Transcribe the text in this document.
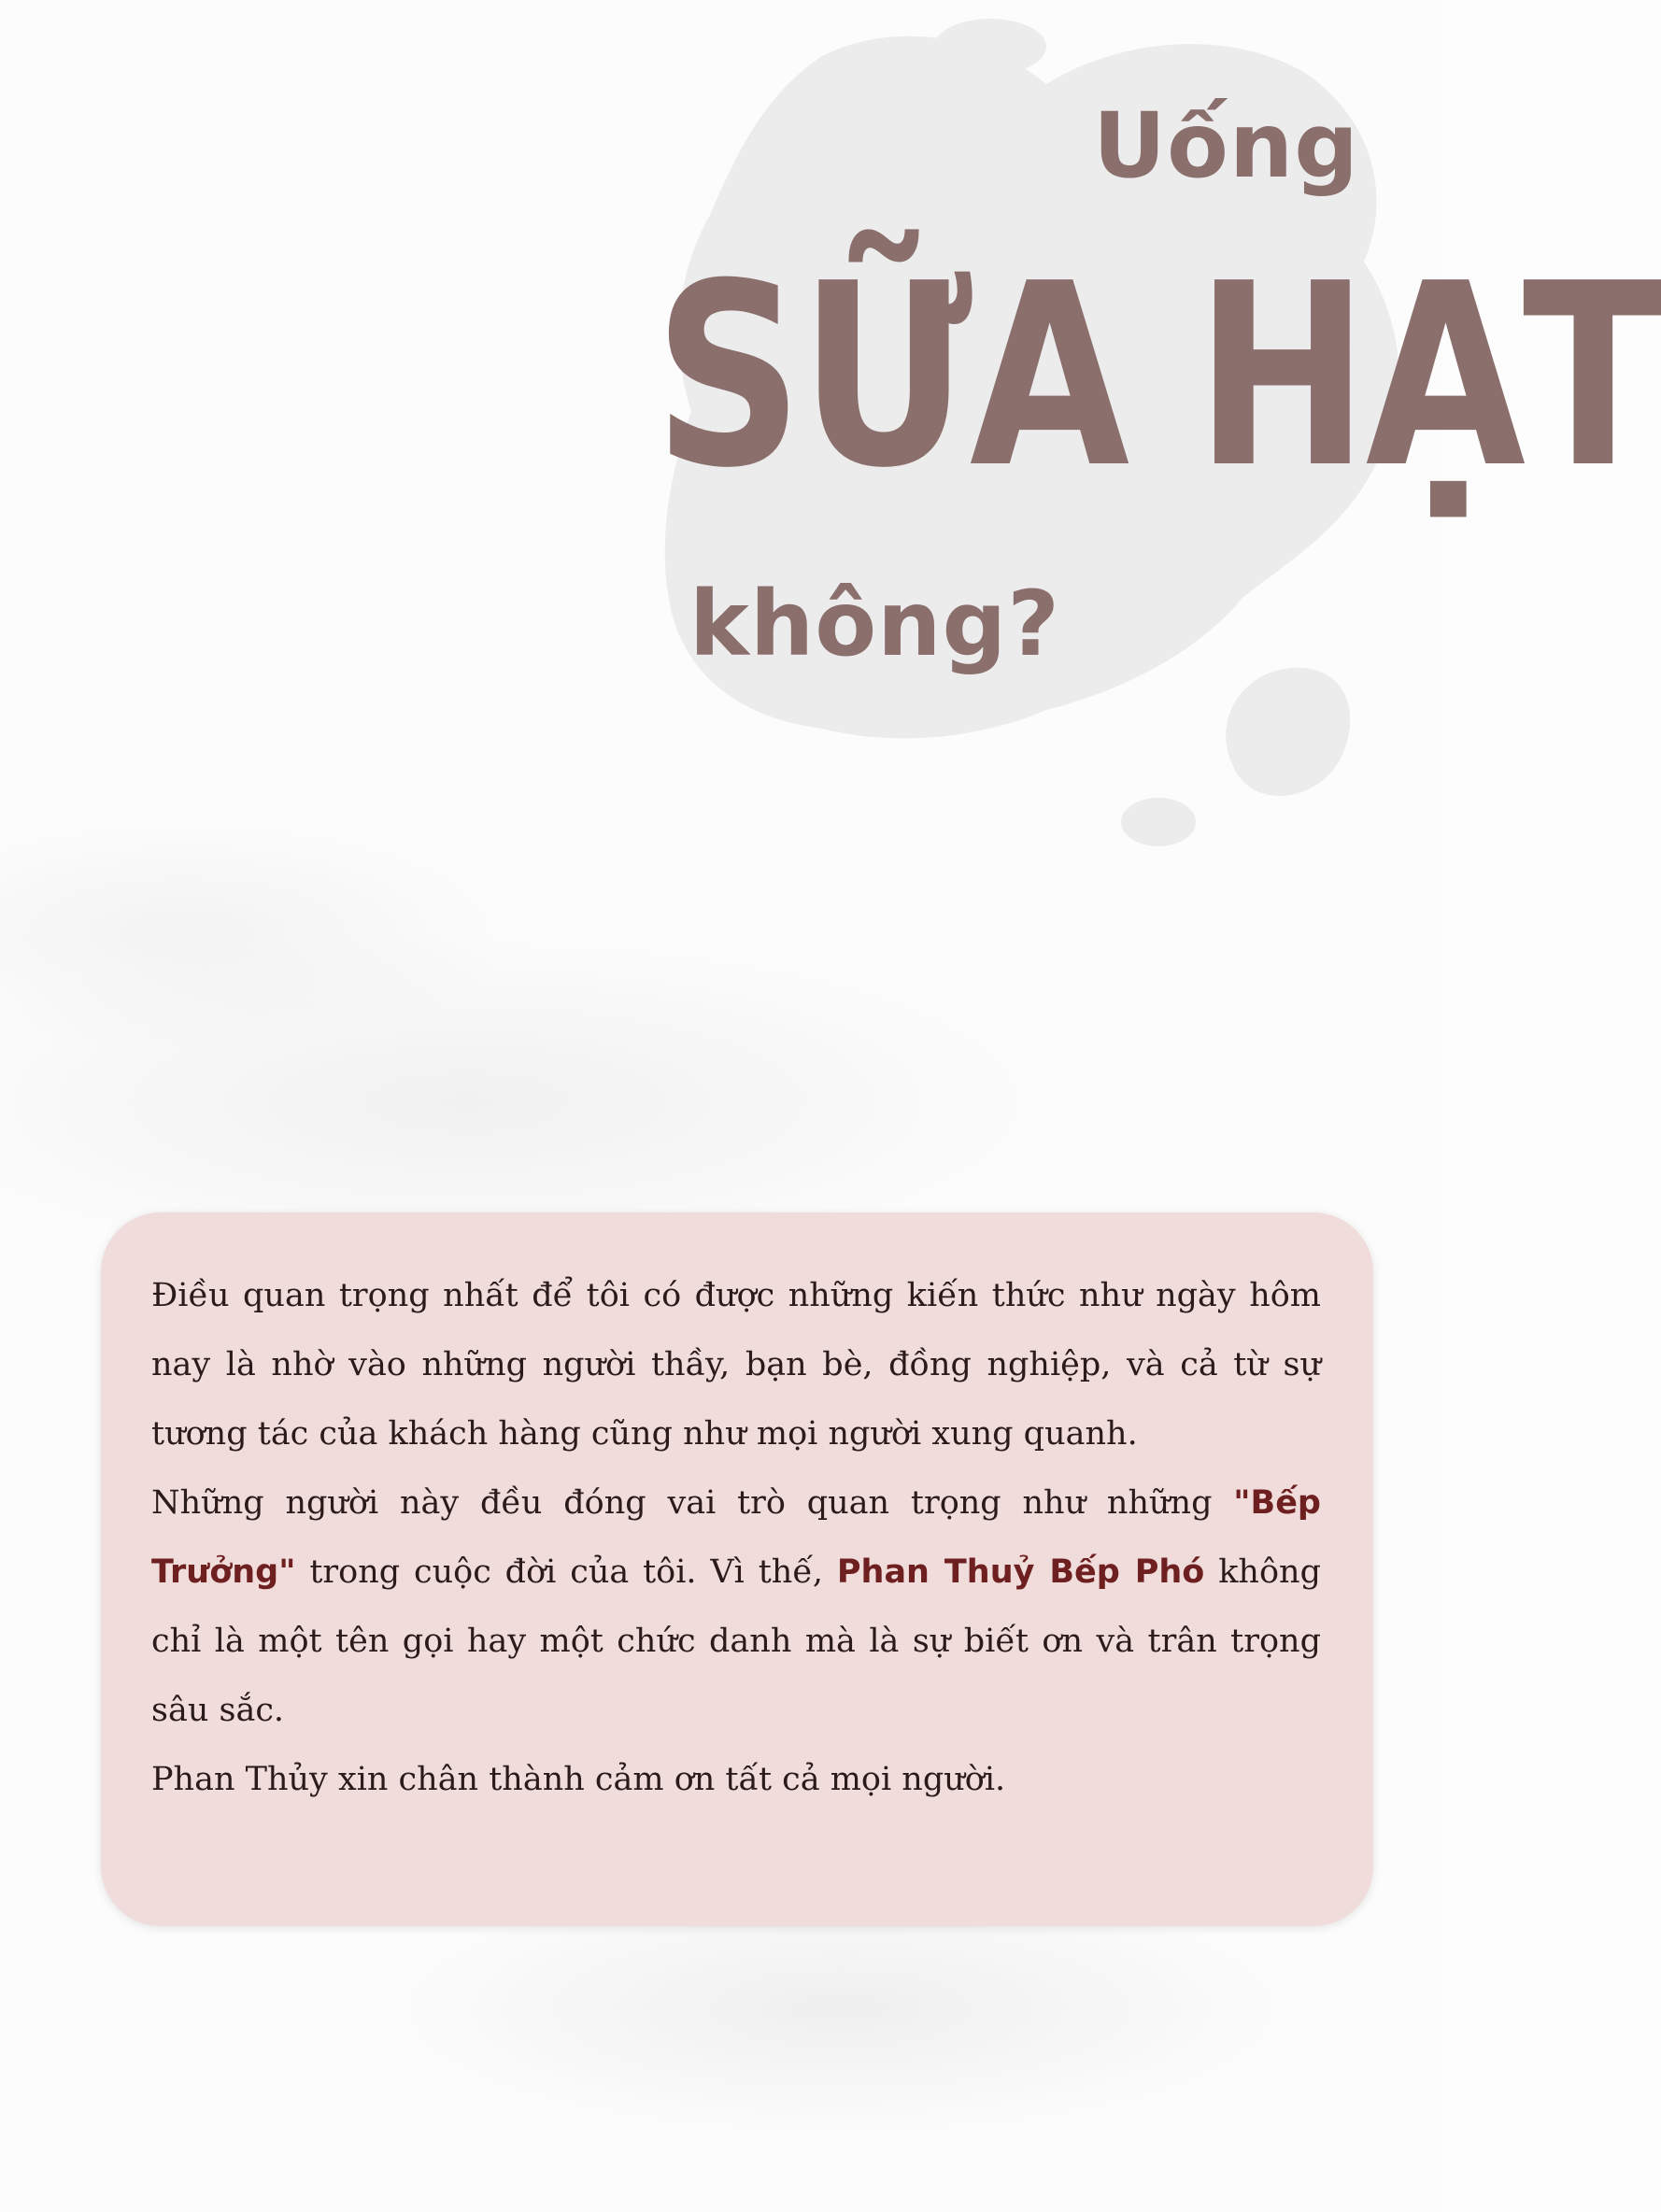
Uống
SỮA HẠT
không?

Điều quan trọng nhất để tôi có được những kiến thức như ngày hôm nay là nhờ vào những người thầy, bạn bè, đồng nghiệp, và cả từ sự tương tác của khách hàng cũng như mọi người xung quanh.

Những người này đều đóng vai trò quan trọng như những "Bếp Trưởng" trong cuộc đời của tôi. Vì thế, Phan Thuỷ Bếp Phó không chỉ là một tên gọi hay một chức danh mà là sự biết ơn và trân trọng sâu sắc.

Phan Thủy xin chân thành cảm ơn tất cả mọi người.
